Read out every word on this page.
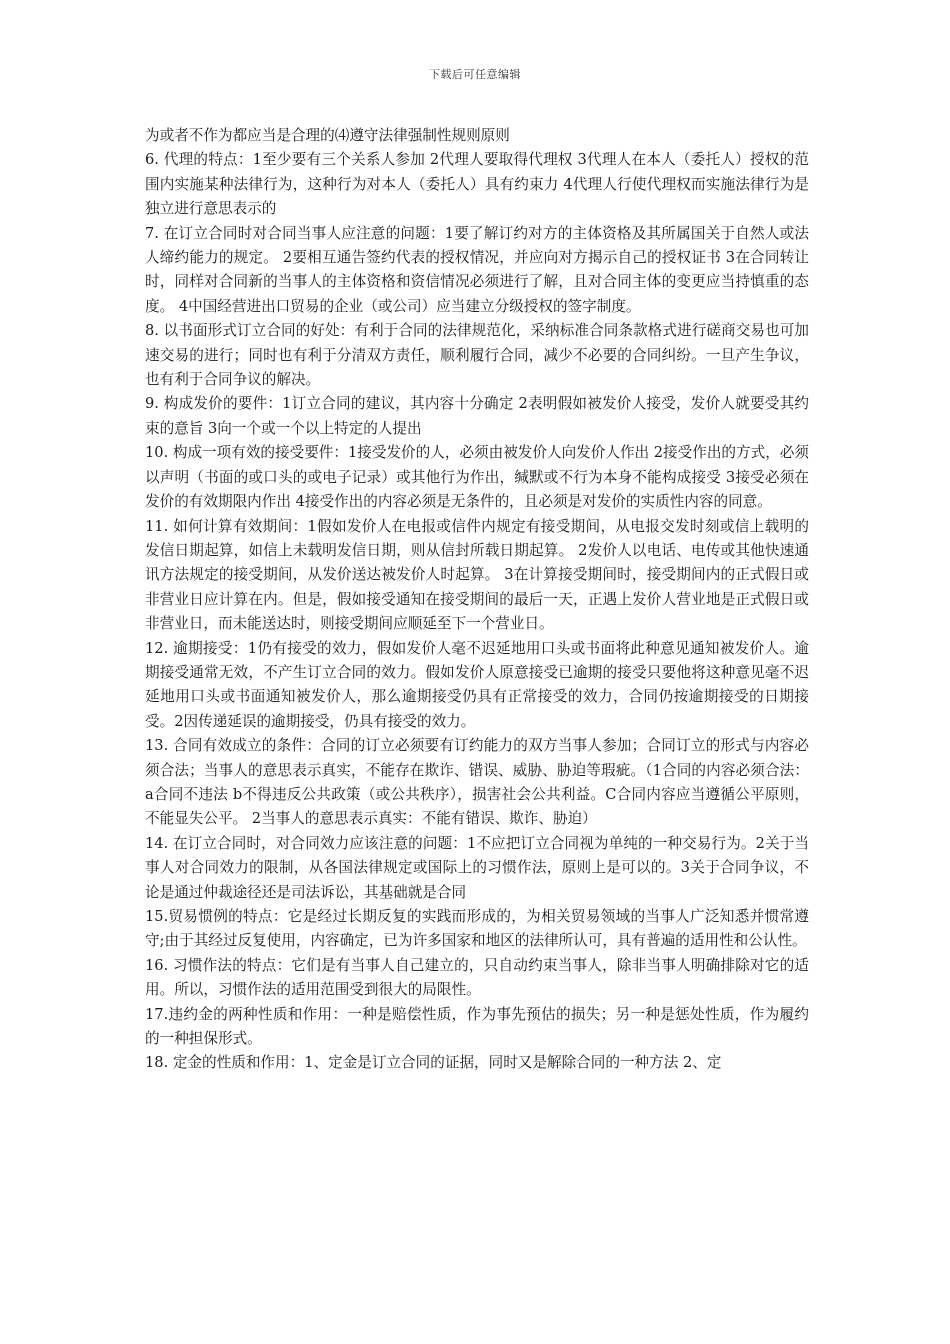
下载后可任意编辑

为或者不作为都应当是合理的⑷遵守法律强制性规则原则

6. 代理的特点：1至少要有三个关系人参加 2代理人要取得代理权 3代理人在本人（委托人）授权的范围内实施某种法律行为，这种行为对本人（委托人）具有约束力 4代理人行使代理权而实施法律行为是独立进行意思表示的

7. 在订立合同时对合同当事人应注意的问题：1要了解订约对方的主体资格及其所属国关于自然人或法人缔约能力的规定。 2要相互通告签约代表的授权情况，并应向对方揭示自己的授权证书 3在合同转让时，同样对合同新的当事人的主体资格和资信情况必须进行了解，且对合同主体的变更应当持慎重的态度。 4中国经营进出口贸易的企业（或公司）应当建立分级授权的签字制度。

8. 以书面形式订立合同的好处：有利于合同的法律规范化，采纳标准合同条款格式进行磋商交易也可加速交易的进行；同时也有利于分清双方责任，顺利履行合同，减少不必要的合同纠纷。一旦产生争议，也有利于合同争议的解决。

9. 构成发价的要件：1订立合同的建议，其内容十分确定 2表明假如被发价人接受，发价人就要受其约束的意旨 3向一个或一个以上特定的人提出

10. 构成一项有效的接受要件：1接受发价的人，必须由被发价人向发价人作出 2接受作出的方式，必须以声明（书面的或口头的或电子记录）或其他行为作出，缄默或不行为本身不能构成接受 3接受必须在发价的有效期限内作出 4接受作出的内容必须是无条件的，且必须是对发价的实质性内容的同意。

11. 如何计算有效期间：1假如发价人在电报或信件内规定有接受期间，从电报交发时刻或信上载明的发信日期起算，如信上未载明发信日期，则从信封所载日期起算。 2发价人以电话、电传或其他快速通讯方法规定的接受期间，从发价送达被发价人时起算。 3在计算接受期间时，接受期间内的正式假日或非营业日应计算在内。但是，假如接受通知在接受期间的最后一天，正遇上发价人营业地是正式假日或非营业日，而未能送达时，则接受期间应顺延至下一个营业日。

12. 逾期接受：1仍有接受的效力，假如发价人毫不迟延地用口头或书面将此种意见通知被发价人。逾期接受通常无效，不产生订立合同的效力。假如发价人原意接受已逾期的接受只要他将这种意见毫不迟延地用口头或书面通知被发价人，那么逾期接受仍具有正常接受的效力，合同仍按逾期接受的日期接受。2因传递延误的逾期接受，仍具有接受的效力。

13. 合同有效成立的条件：合同的订立必须要有订约能力的双方当事人参加；合同订立的形式与内容必须合法；当事人的意思表示真实，不能存在欺诈、错误、威胁、胁迫等瑕疵。（1合同的内容必须合法：a合同不违法 b不得违反公共政策（或公共秩序），损害社会公共利益。C合同内容应当遵循公平原则，不能显失公平。 2当事人的意思表示真实：不能有错误、欺诈、胁迫）

14. 在订立合同时，对合同效力应该注意的问题：1不应把订立合同视为单纯的一种交易行为。2关于当事人对合同效力的限制，从各国法律规定或国际上的习惯作法，原则上是可以的。3关于合同争议，不论是通过仲裁途径还是司法诉讼，其基础就是合同

15.贸易惯例的特点：它是经过长期反复的实践而形成的，为相关贸易领域的当事人广泛知悉并惯常遵守;由于其经过反复使用，内容确定，已为许多国家和地区的法律所认可，具有普遍的适用性和公认性。

16. 习惯作法的特点：它们是有当事人自己建立的，只自动约束当事人，除非当事人明确排除对它的适用。所以，习惯作法的适用范围受到很大的局限性。

17.违约金的两种性质和作用：一种是赔偿性质，作为事先预估的损失；另一种是惩处性质，作为履约的一种担保形式。

18. 定金的性质和作用：1、定金是订立合同的证据，同时又是解除合同的一种方法 2、定
